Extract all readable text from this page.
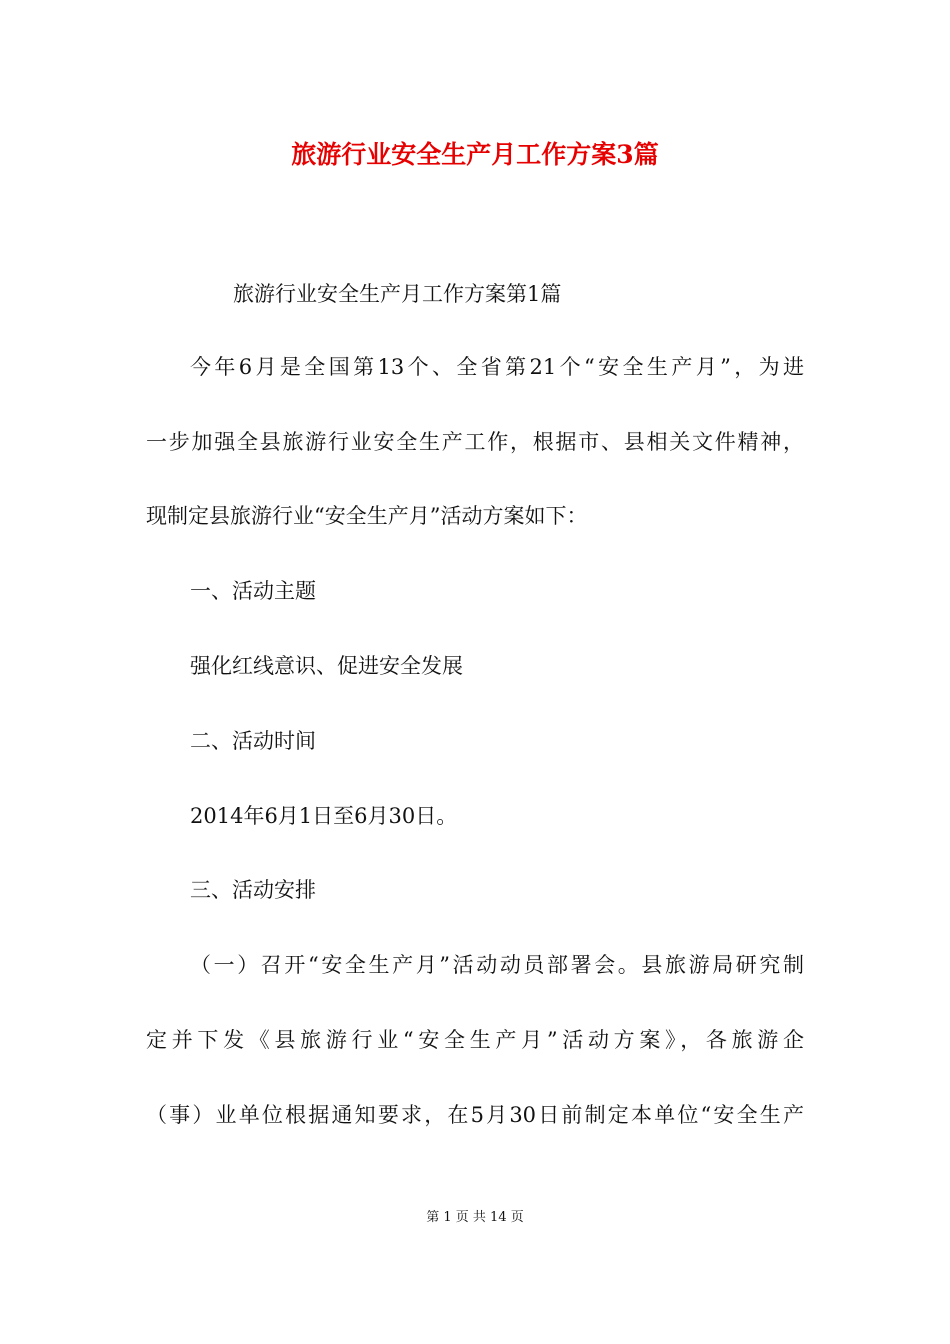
旅游行业安全生产月工作方案3篇
旅游行业安全生产月工作方案第1篇
今年6月是全国第13个、全省第21个“安全生产月”，为进
一步加强全县旅游行业安全生产工作，根据市、县相关文件精神，
现制定县旅游行业“安全生产月”活动方案如下：
一、活动主题
强化红线意识、促进安全发展
二、活动时间
2014年6月1日至6月30日。
三、活动安排
（一）召开“安全生产月”活动动员部署会。县旅游局研究制
定并下发《县旅游行业“安全生产月”活动方案》，各旅游企
（事）业单位根据通知要求，在5月30日前制定本单位“安全生产
第 1 页 共 14 页
